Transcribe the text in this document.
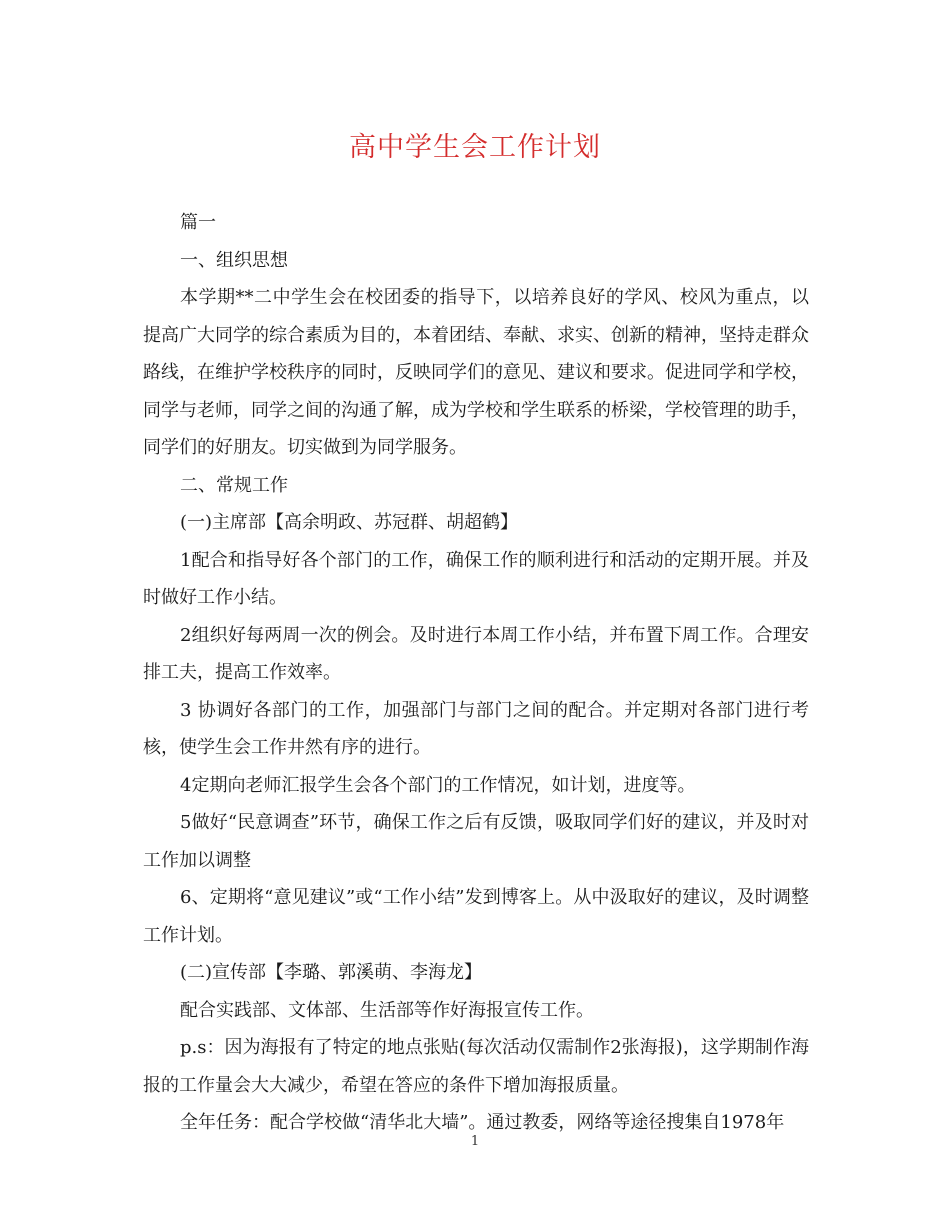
高中学生会工作计划

篇一

一、组织思想

本学期**二中学生会在校团委的指导下，以培养良好的学风、校风为重点，以提高广大同学的综合素质为目的，本着团结、奉献、求实、创新的精神，坚持走群众路线，在维护学校秩序的同时，反映同学们的意见、建议和要求。促进同学和学校，同学与老师，同学之间的沟通了解，成为学校和学生联系的桥梁，学校管理的助手，同学们的好朋友。切实做到为同学服务。

二、常规工作

(一)主席部【高余明政、苏冠群、胡超鹤】

1配合和指导好各个部门的工作，确保工作的顺利进行和活动的定期开展。并及时做好工作小结。

2组织好每两周一次的例会。及时进行本周工作小结，并布置下周工作。合理安排工夫，提高工作效率。

3 协调好各部门的工作，加强部门与部门之间的配合。并定期对各部门进行考核，使学生会工作井然有序的进行。

4定期向老师汇报学生会各个部门的工作情况，如计划，进度等。

5做好“民意调查”环节，确保工作之后有反馈，吸取同学们好的建议，并及时对工作加以调整

6、定期将“意见建议”或“工作小结”发到博客上。从中汲取好的建议，及时调整工作计划。

(二)宣传部【李璐、郭溪萌、李海龙】

配合实践部、文体部、生活部等作好海报宣传工作。

p.s：因为海报有了特定的地点张贴(每次活动仅需制作2张海报)，这学期制作海报的工作量会大大减少，希望在答应的条件下增加海报质量。

全年任务：配合学校做“清华北大墙”。通过教委，网络等途径搜集自1978年

1
